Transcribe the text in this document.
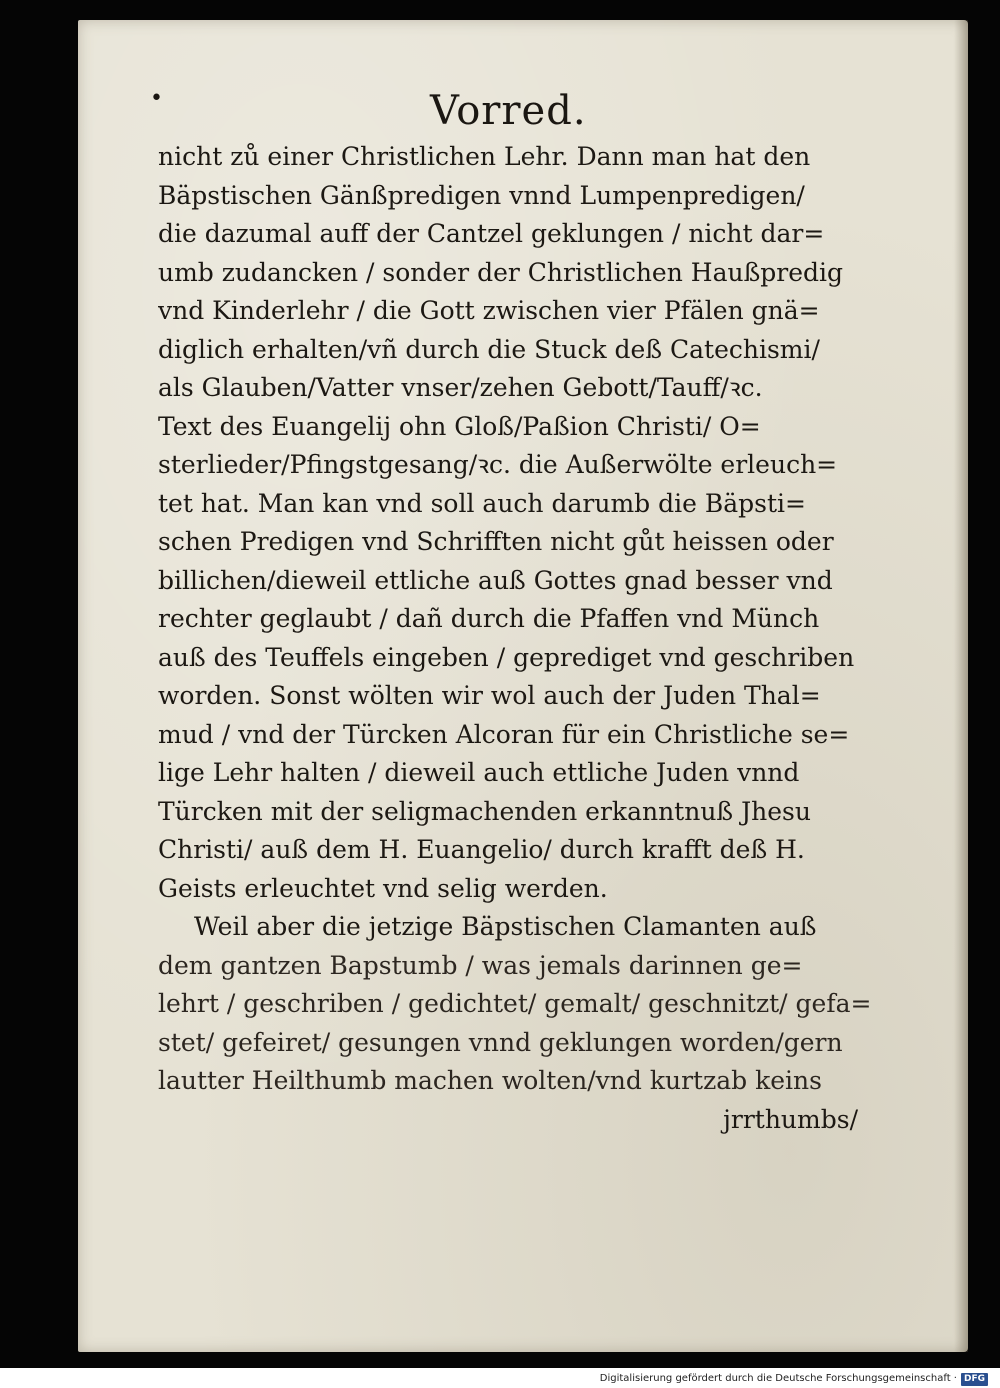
•	Vorred.
nicht zů einer Christlichen Lehr. Dann man hat den
Bäpstischen Gänßpredigen vnnd Lumpenpredigen/
die dazumal auff der Cantzel geklungen / nicht dar=
umb zudancken / sonder der Christlichen Haußpredig
vnd Kinderlehr / die Gott zwischen vier Pfälen gnä=
diglich erhalten/vñ durch die Stuck deß Catechismi/
als Glauben/Vatter vnser/zehen Gebott/Tauff/ꝛc.
Text des Euangelij ohn Gloß/Paßion Christi/ O=
sterlieder/Pfingstgesang/ꝛc. die Außerwölte erleuch=
tet hat. Man kan vnd soll auch darumb die Bäpsti=
schen Predigen vnd Schrifften nicht gůt heissen oder
billichen/dieweil ettliche auß Gottes gnad besser vnd
rechter geglaubt / dañ durch die Pfaffen vnd Münch
auß des Teuffels eingeben / geprediget vnd geschriben
worden. Sonst wölten wir wol auch der Juden Thal=
mud / vnd der Türcken Alcoran für ein Christliche se=
lige Lehr halten / dieweil auch ettliche Juden vnnd
Türcken mit der seligmachenden erkanntnuß Jhesu
Christi/ auß dem H. Euangelio/ durch krafft deß H.
Geists erleuchtet vnd selig werden.
Weil aber die jetzige Bäpstischen Clamanten auß
dem gantzen Bapstumb / was jemals darinnen ge=
lehrt / geschriben / gedichtet/ gemalt/ geschnitzt/ gefa=
stet/ gefeiret/ gesungen vnnd geklungen worden/gern
lautter Heilthumb machen wolten/vnd kurtzab keins
jrrthumbs/
Digitalisierung gefördert durch die Deutsche Forschungsgemeinschaft · DFG
